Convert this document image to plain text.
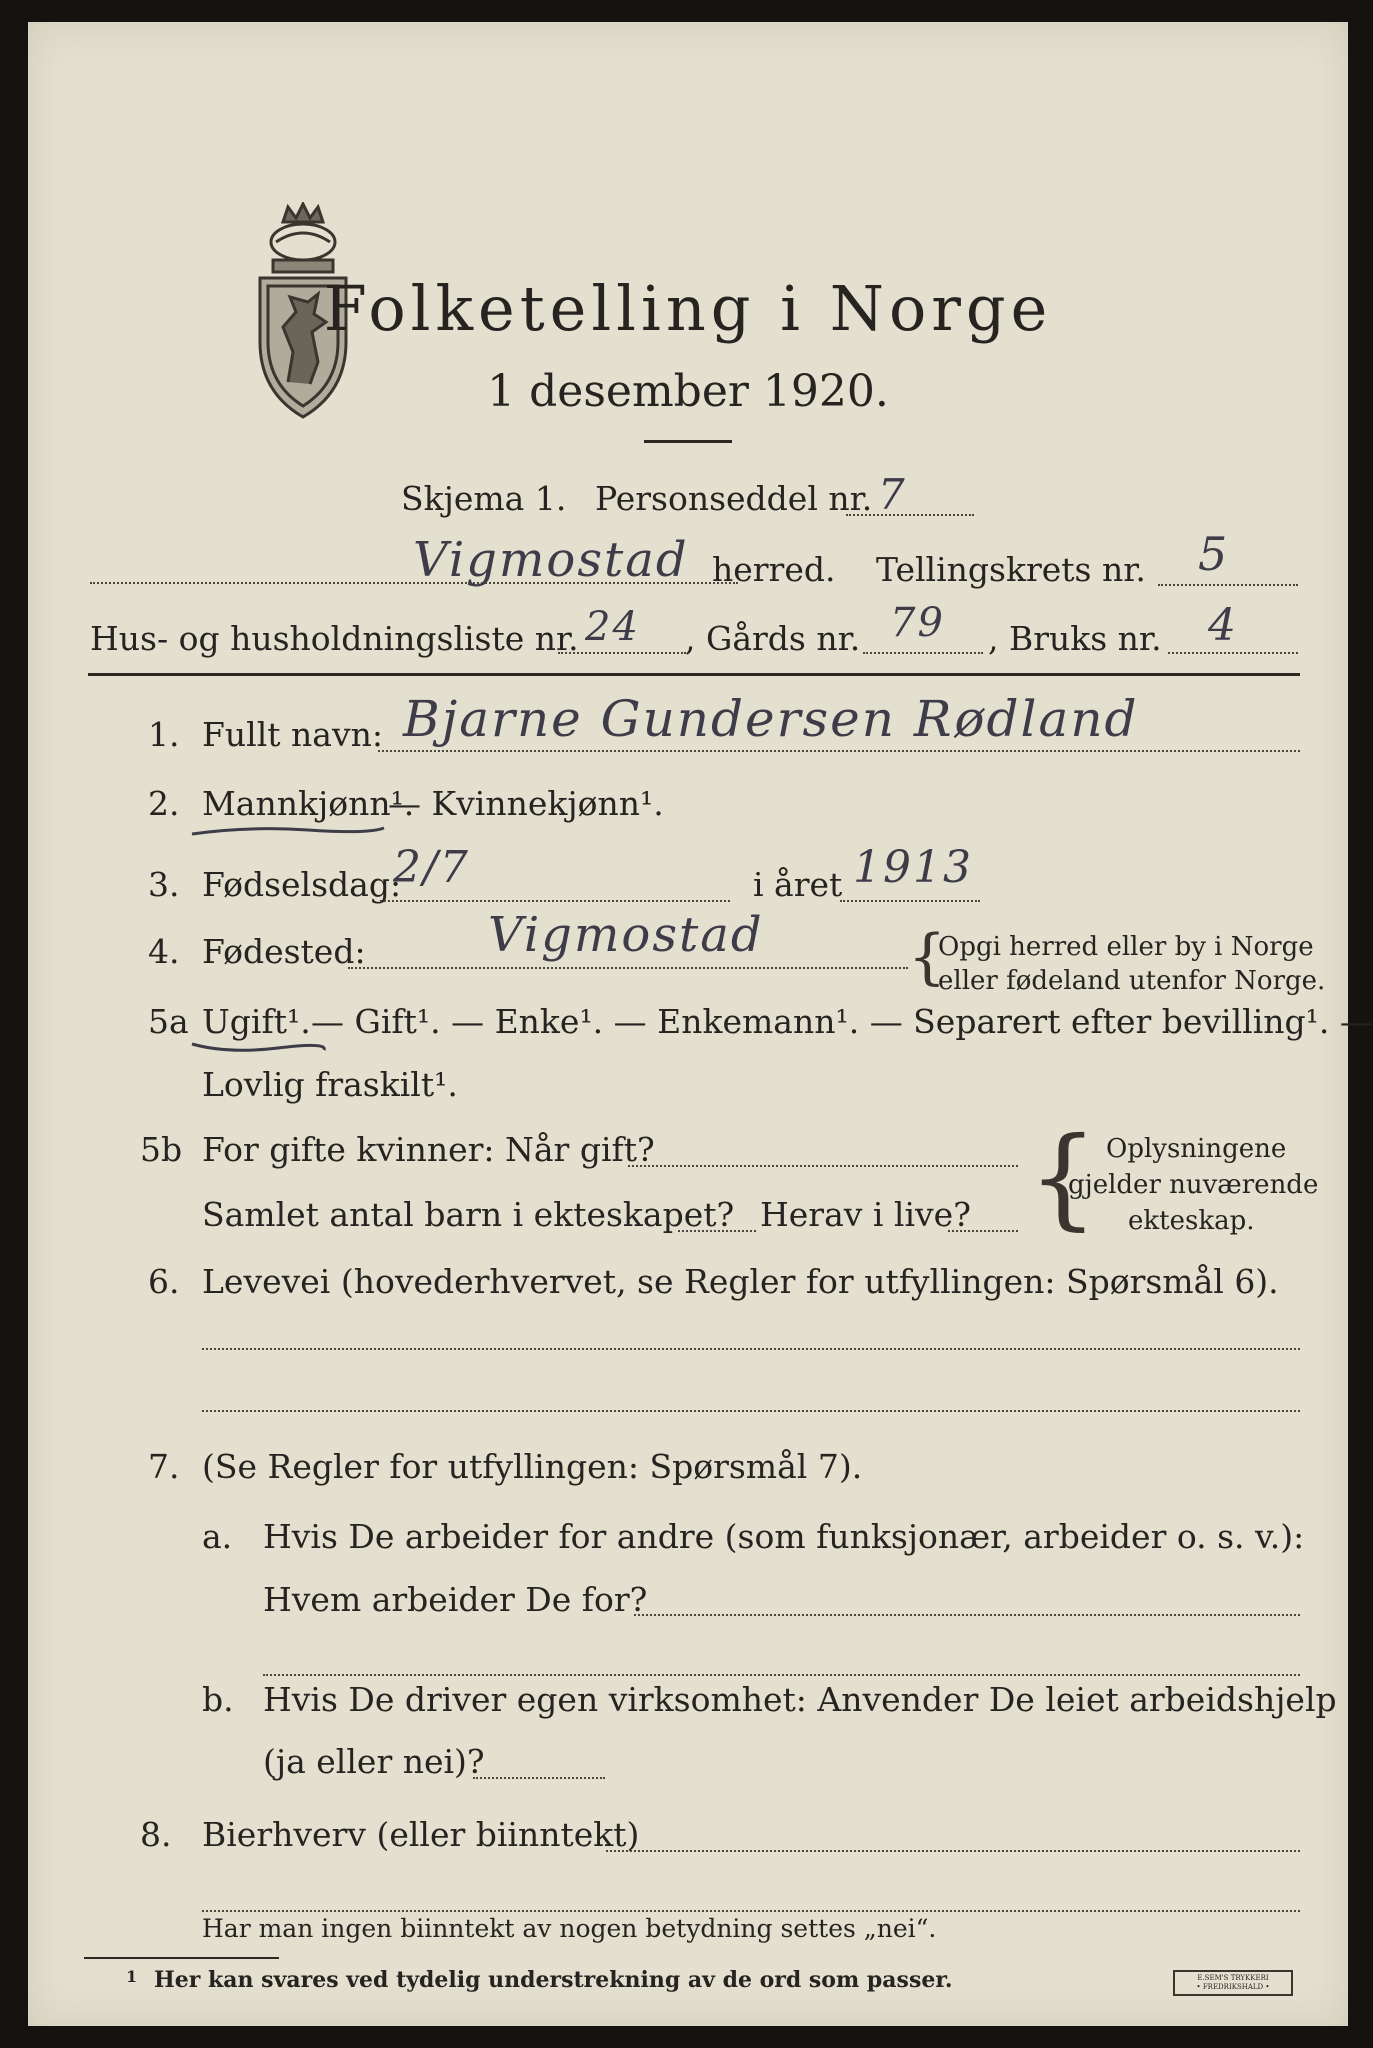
Folketelling i Norge
1 desember 1920.
Skjema 1. Personseddel nr. 7
Vigmostad herred. Tellingskrets nr. 5
Hus- og husholdningsliste nr. 24 , Gårds nr. 79 , Bruks nr. 4
1. Fullt navn: Bjarne Gundersen Rødland
2. Mannkjønn¹.
— Kvinnekjønn¹.
3. Fødselsdag:
2/7	i året 1913
4. Fødested:	Vigmostad {
Opgi herred eller by i Norge
eller fødeland utenfor Norge.
5a Ugift¹. — Gift¹. — Enke¹. — Enkemann¹. — Separert efter bevilling¹. —
Lovlig fraskilt¹.
5b For gifte kvinner: Når gift?
Samlet antal barn i ekteskapet? Herav i live? { Oplysningene
gjelder nuværende
ekteskap.
6. Levevei (hovederhvervet, se Regler for utfyllingen: Spørsmål 6).
7. (Se Regler for utfyllingen: Spørsmål 7).
a. Hvis De arbeider for andre (som funksjonær, arbeider o. s. v.):
Hvem arbeider De for?
b. Hvis De driver egen virksomhet: Anvender De leiet arbeidshjelp
(ja eller nei)?
8. Bierhverv (eller biinntekt)
Har man ingen biinntekt av nogen betydning settes „nei“.
1 Her kan svares ved tydelig understrekning av de ord som passer.	E.SEM'S TRYKKERI
• FREDRIKSHALD •
